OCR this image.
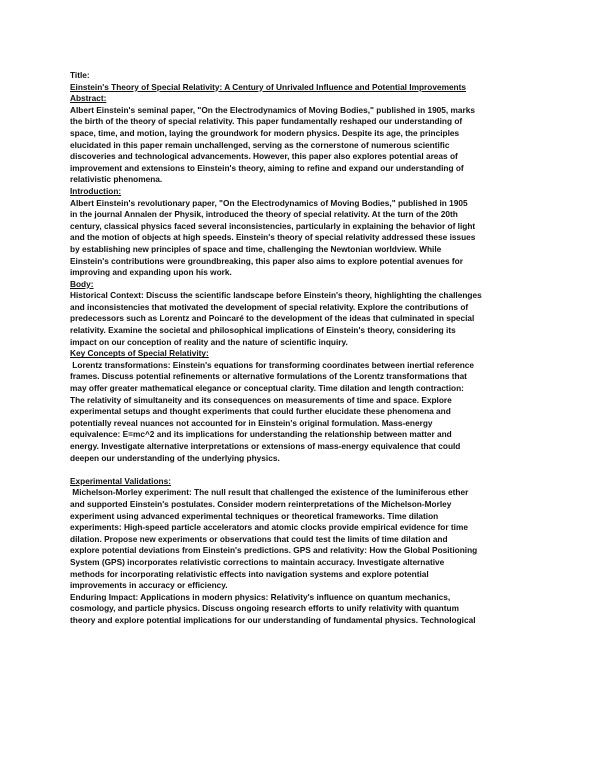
Title:
Einstein's Theory of Special Relativity: A Century of Unrivaled Influence and Potential Improvements
Abstract:
Albert Einstein's seminal paper, "On the Electrodynamics of Moving Bodies," published in 1905, marks
the birth of the theory of special relativity. This paper fundamentally reshaped our understanding of
space, time, and motion, laying the groundwork for modern physics. Despite its age, the principles
elucidated in this paper remain unchallenged, serving as the cornerstone of numerous scientific
discoveries and technological advancements. However, this paper also explores potential areas of
improvement and extensions to Einstein's theory, aiming to refine and expand our understanding of
relativistic phenomena.
Introduction:
Albert Einstein's revolutionary paper, "On the Electrodynamics of Moving Bodies," published in 1905
in the journal Annalen der Physik, introduced the theory of special relativity. At the turn of the 20th
century, classical physics faced several inconsistencies, particularly in explaining the behavior of light
and the motion of objects at high speeds. Einstein's theory of special relativity addressed these issues
by establishing new principles of space and time, challenging the Newtonian worldview. While
Einstein's contributions were groundbreaking, this paper also aims to explore potential avenues for
improving and expanding upon his work.
Body:
Historical Context: Discuss the scientific landscape before Einstein's theory, highlighting the challenges
and inconsistencies that motivated the development of special relativity. Explore the contributions of
predecessors such as Lorentz and Poincaré to the development of the ideas that culminated in special
relativity. Examine the societal and philosophical implications of Einstein's theory, considering its
impact on our conception of reality and the nature of scientific inquiry.
Key Concepts of Special Relativity:
Lorentz transformations: Einstein's equations for transforming coordinates between inertial reference
frames. Discuss potential refinements or alternative formulations of the Lorentz transformations that
may offer greater mathematical elegance or conceptual clarity. Time dilation and length contraction:
The relativity of simultaneity and its consequences on measurements of time and space. Explore
experimental setups and thought experiments that could further elucidate these phenomena and
potentially reveal nuances not accounted for in Einstein's original formulation. Mass-energy
equivalence: E=mc^2 and its implications for understanding the relationship between matter and
energy. Investigate alternative interpretations or extensions of mass-energy equivalence that could
deepen our understanding of the underlying physics.
Experimental Validations:
Michelson-Morley experiment: The null result that challenged the existence of the luminiferous ether
and supported Einstein's postulates. Consider modern reinterpretations of the Michelson-Morley
experiment using advanced experimental techniques or theoretical frameworks. Time dilation
experiments: High-speed particle accelerators and atomic clocks provide empirical evidence for time
dilation. Propose new experiments or observations that could test the limits of time dilation and
explore potential deviations from Einstein's predictions. GPS and relativity: How the Global Positioning
System (GPS) incorporates relativistic corrections to maintain accuracy. Investigate alternative
methods for incorporating relativistic effects into navigation systems and explore potential
improvements in accuracy or efficiency.
Enduring Impact: Applications in modern physics: Relativity's influence on quantum mechanics,
cosmology, and particle physics. Discuss ongoing research efforts to unify relativity with quantum
theory and explore potential implications for our understanding of fundamental physics. Technological
